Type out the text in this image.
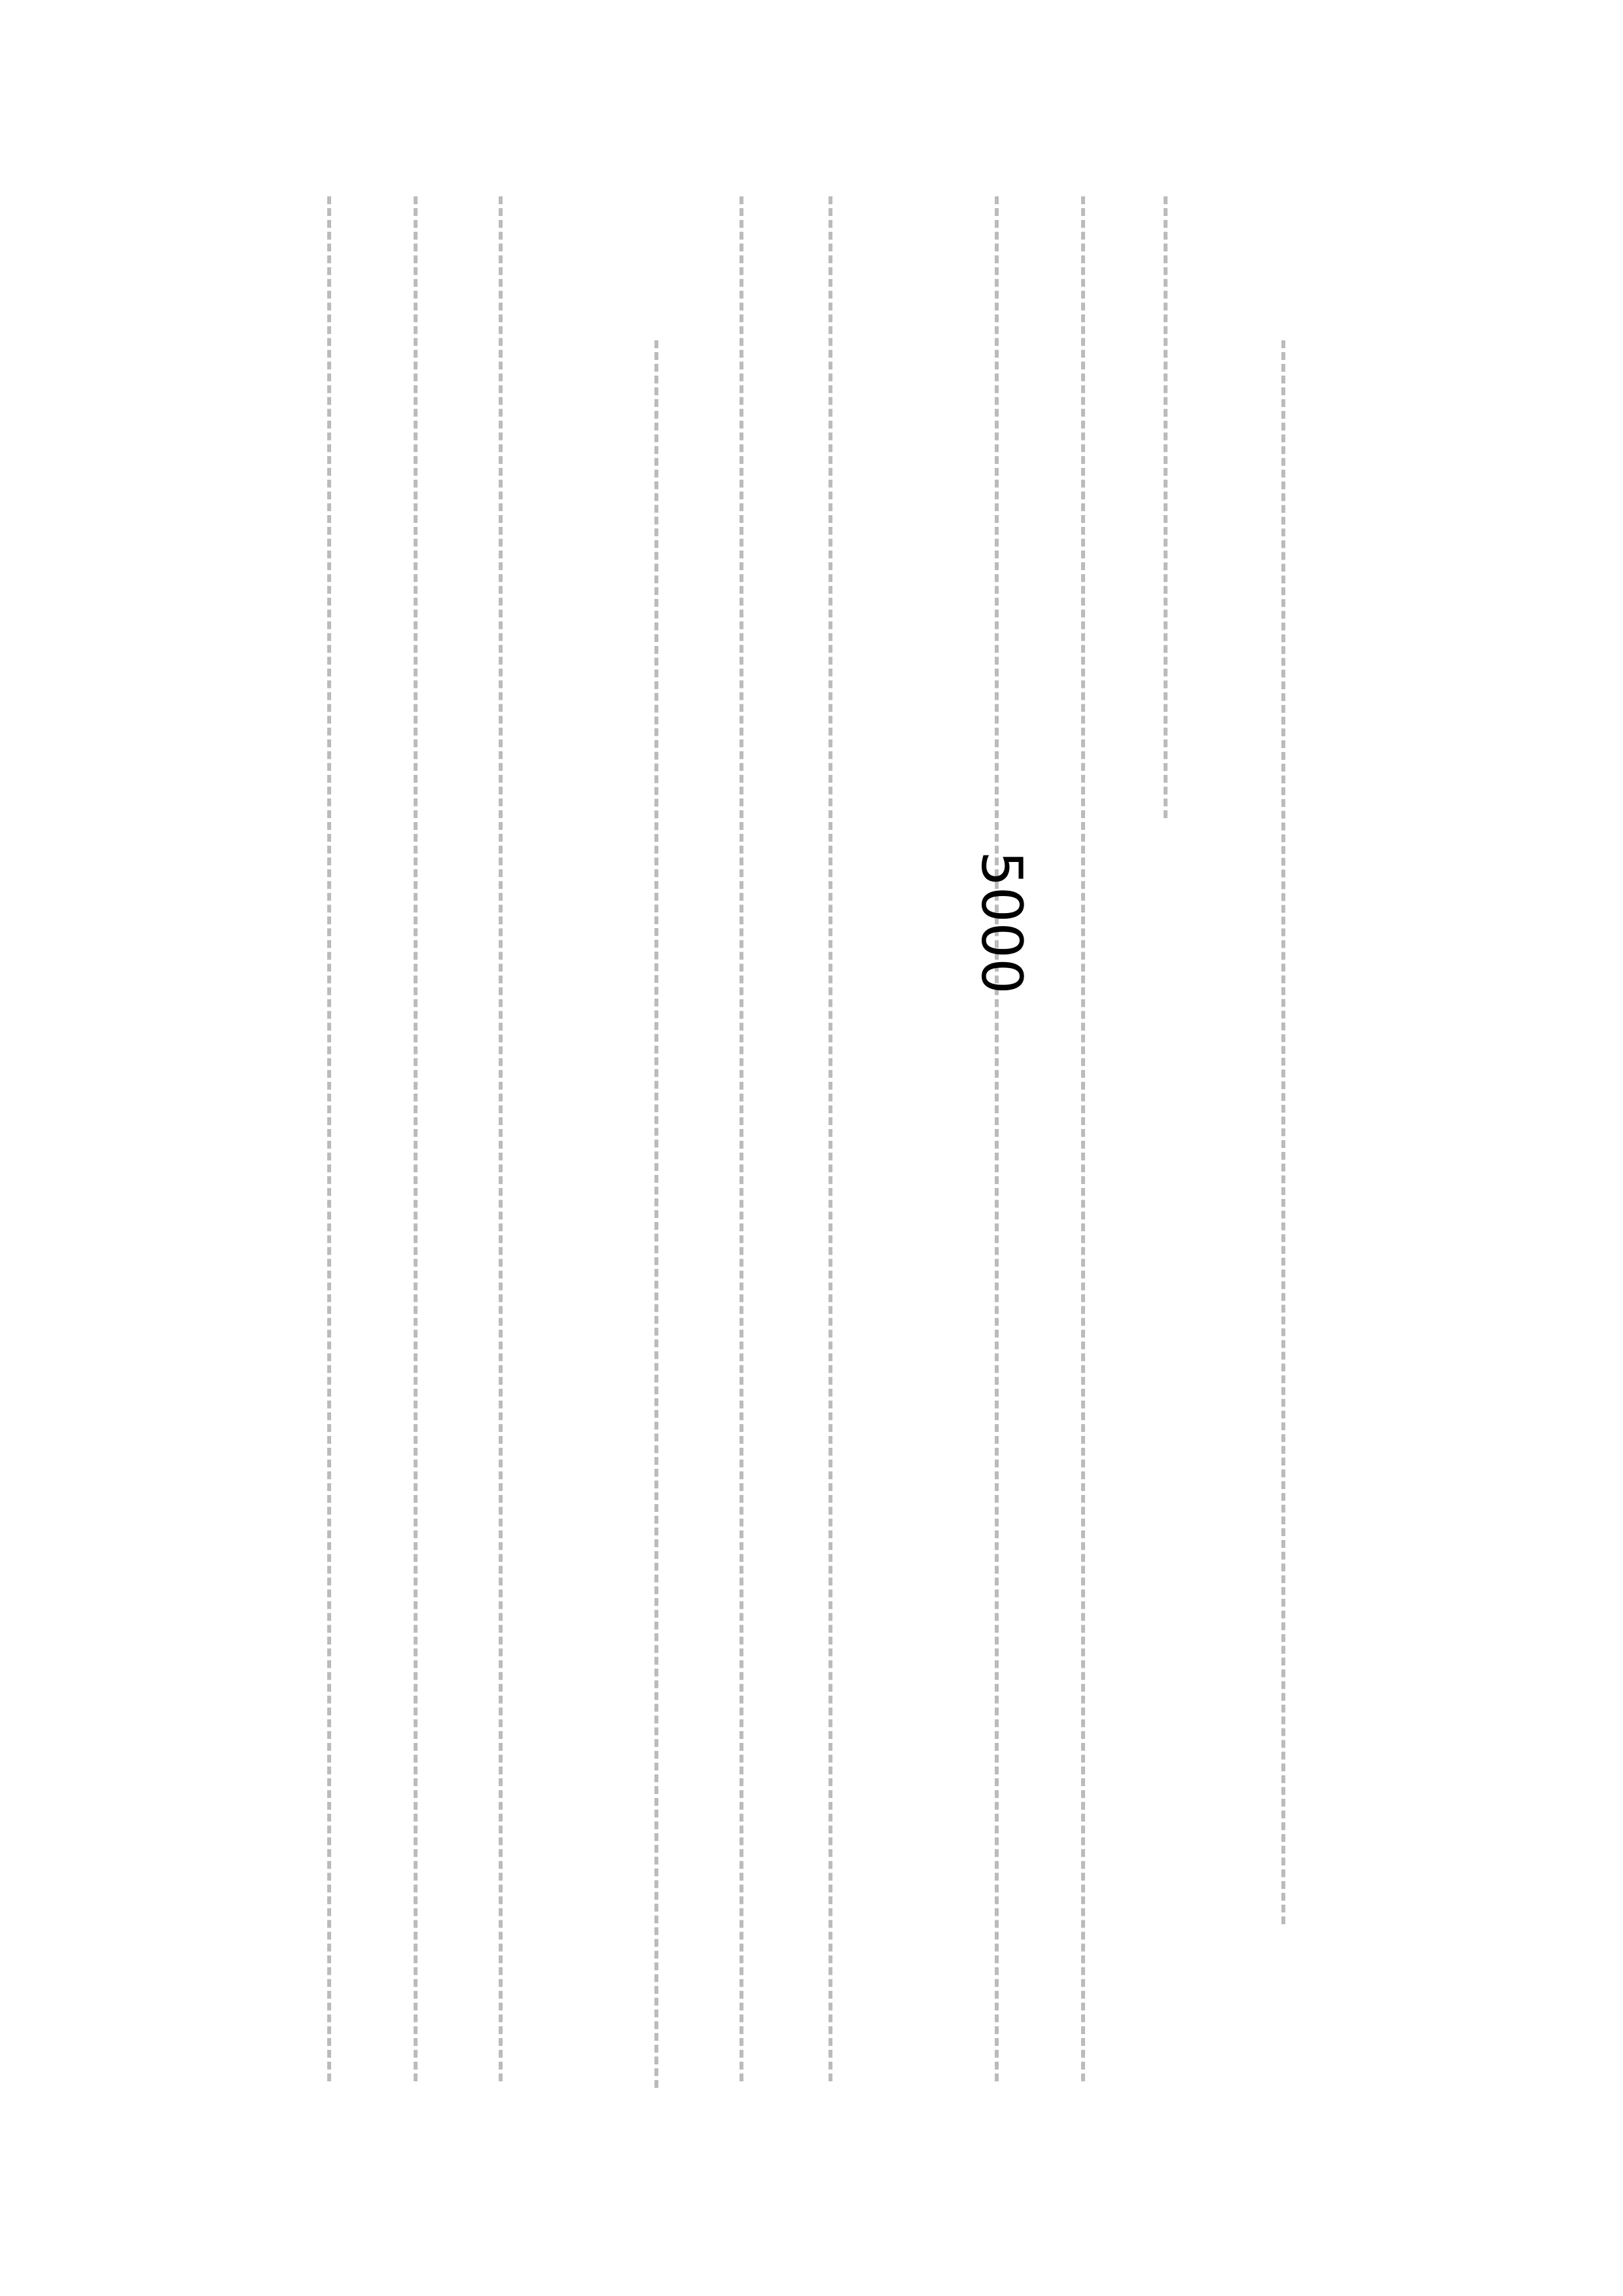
5000
